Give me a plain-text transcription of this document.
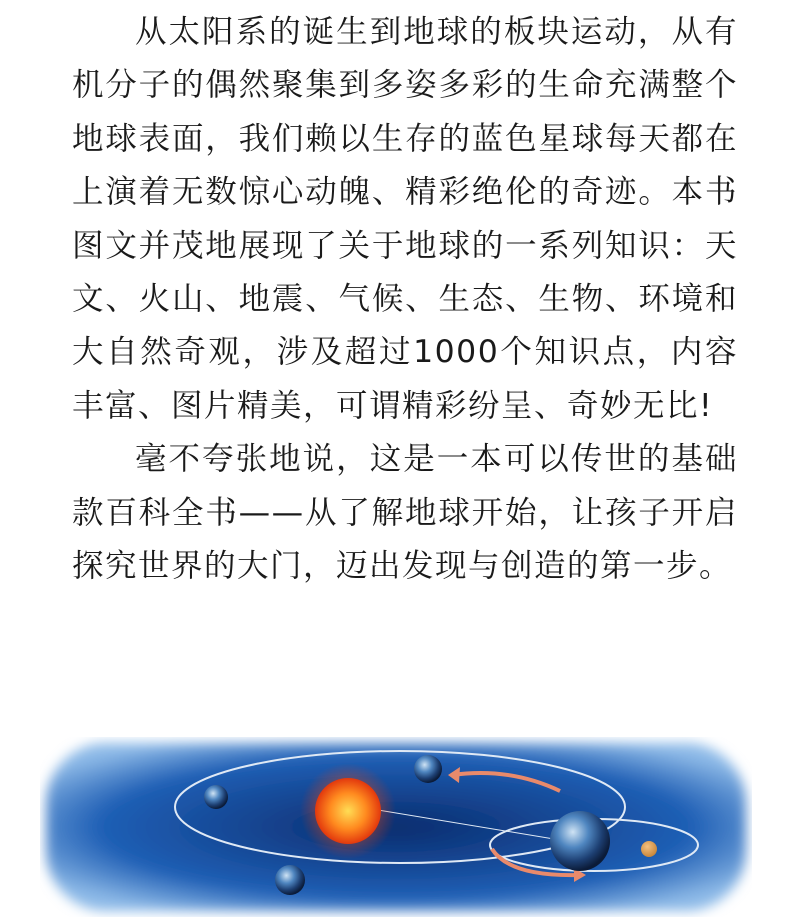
从太阳系的诞生到地球的板块运动，从有机分子的偶然聚集到多姿多彩的生命充满整个地球表面，我们赖以生存的蓝色星球每天都在上演着无数惊心动魄、精彩绝伦的奇迹。本书图文并茂地展现了关于地球的一系列知识：天文、火山、地震、气候、生态、生物、环境和大自然奇观，涉及超过1000个知识点，内容丰富、图片精美，可谓精彩纷呈、奇妙无比!

毫不夸张地说，这是一本可以传世的基础款百科全书——从了解地球开始，让孩子开启探究世界的大门，迈出发现与创造的第一步。
